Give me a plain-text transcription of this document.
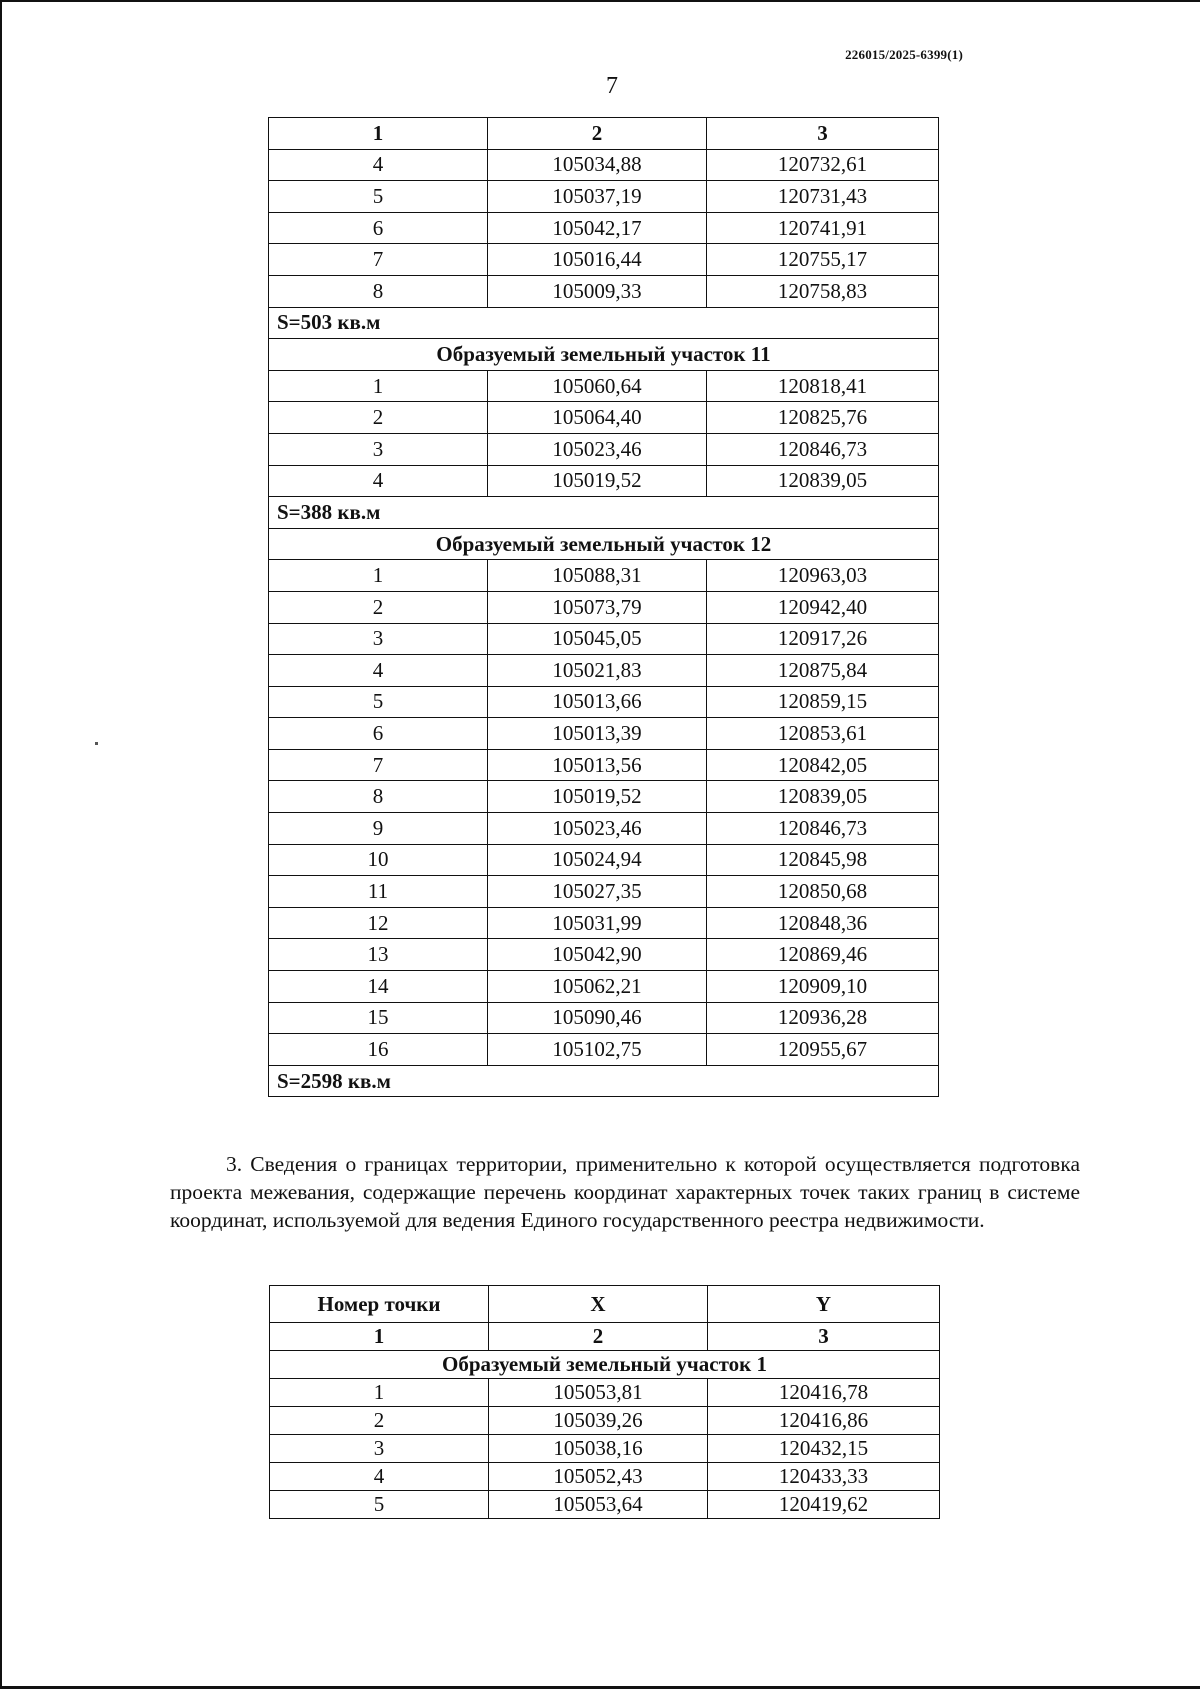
226015/2025-6399(1)
7
1	2	3
4	105034,88	120732,61
5	105037,19	120731,43
6	105042,17	120741,91
7	105016,44	120755,17
8	105009,33	120758,83
S=503 кв.м		
Образуемый земельный участок 11		
1	105060,64	120818,41
2	105064,40	120825,76
3	105023,46	120846,73
4	105019,52	120839,05
S=388 кв.м		
Образуемый земельный участок 12		
1	105088,31	120963,03
2	105073,79	120942,40
3	105045,05	120917,26
4	105021,83	120875,84
5	105013,66	120859,15
6	105013,39	120853,61
7	105013,56	120842,05
8	105019,52	120839,05
9	105023,46	120846,73
10	105024,94	120845,98
11	105027,35	120850,68
12	105031,99	120848,36
13	105042,90	120869,46
14	105062,21	120909,10
15	105090,46	120936,28
16	105102,75	120955,67
S=2598 кв.м		

3. Сведения о границах территории, применительно к которой осуществляется подготовка проекта межевания, содержащие перечень координат характерных точек таких границ в системе координат, используемой для ведения Единого государственного реестра недвижимости.

Номер точки	X	Y
1	2	3
Образуемый земельный участок 1		
1	105053,81	120416,78
2	105039,26	120416,86
3	105038,16	120432,15
4	105052,43	120433,33
5	105053,64	120419,62
